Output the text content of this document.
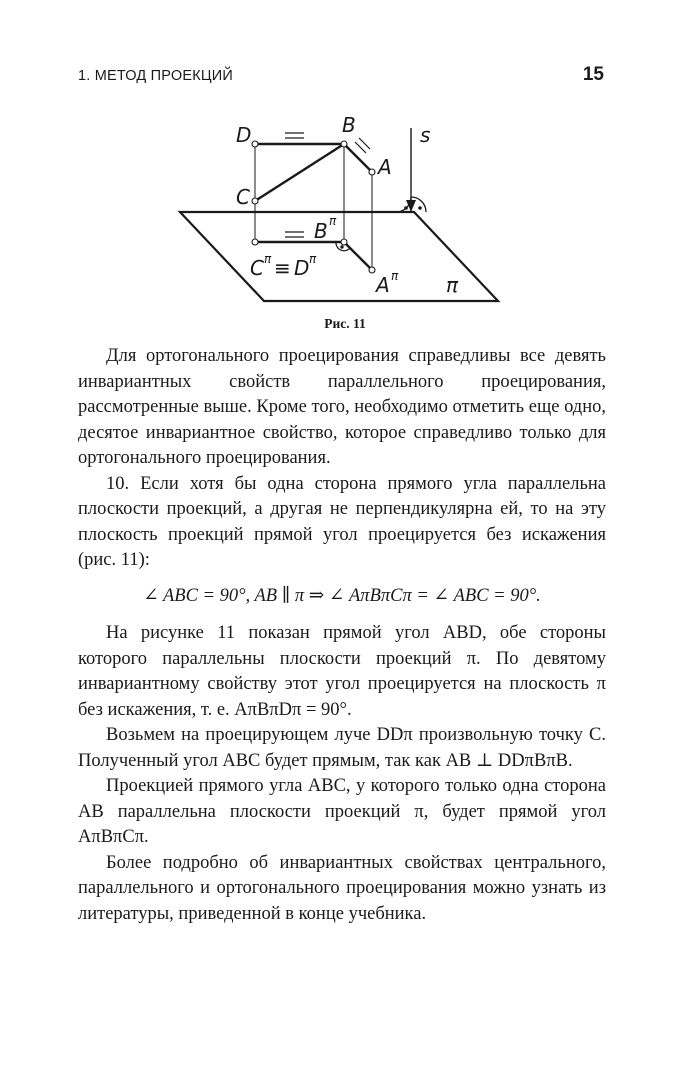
1. МЕТОД ПРОЕКЦИЙ	15
D	B
A
C
s
B π
C π ≡ D π
A π π
Рис. 11

Для ортогонального проецирования справедливы все девять инвариантных свойств параллельного проецирования, рассмотренные выше. Кроме того, необходимо отметить еще одно, десятое инвариантное свойство, которое справедливо только для ортогонального проецирования.

10. Если хотя бы одна сторона прямого угла параллельна плоскости проекций, а другая не перпендикулярна ей, то на эту плоскость проекций прямой угол проецируется без искажения (рис. 11):

∠ ABC = 90°, AB ∥ π ⇒ ∠ AπBπCπ = ∠ ABC = 90°.

На рисунке 11 показан прямой угол ABD, обе стороны которого параллельны плоскости проекций π. По девятому инвариантному свойству этот угол проецируется на плоскость π без искажения, т. е. AπBπDπ = 90°.

Возьмем на проецирующем луче DDπ произвольную точку C. Полученный угол ABC будет прямым, так как AB ⊥ DDπBπB.

Проекцией прямого угла ABC, у которого только одна сторона AB параллельна плоскости проекций π, будет прямой угол AπBπCπ.

Более подробно об инвариантных свойствах центрального, параллельного и ортогонального проецирования можно узнать из литературы, приведенной в конце учебника.
